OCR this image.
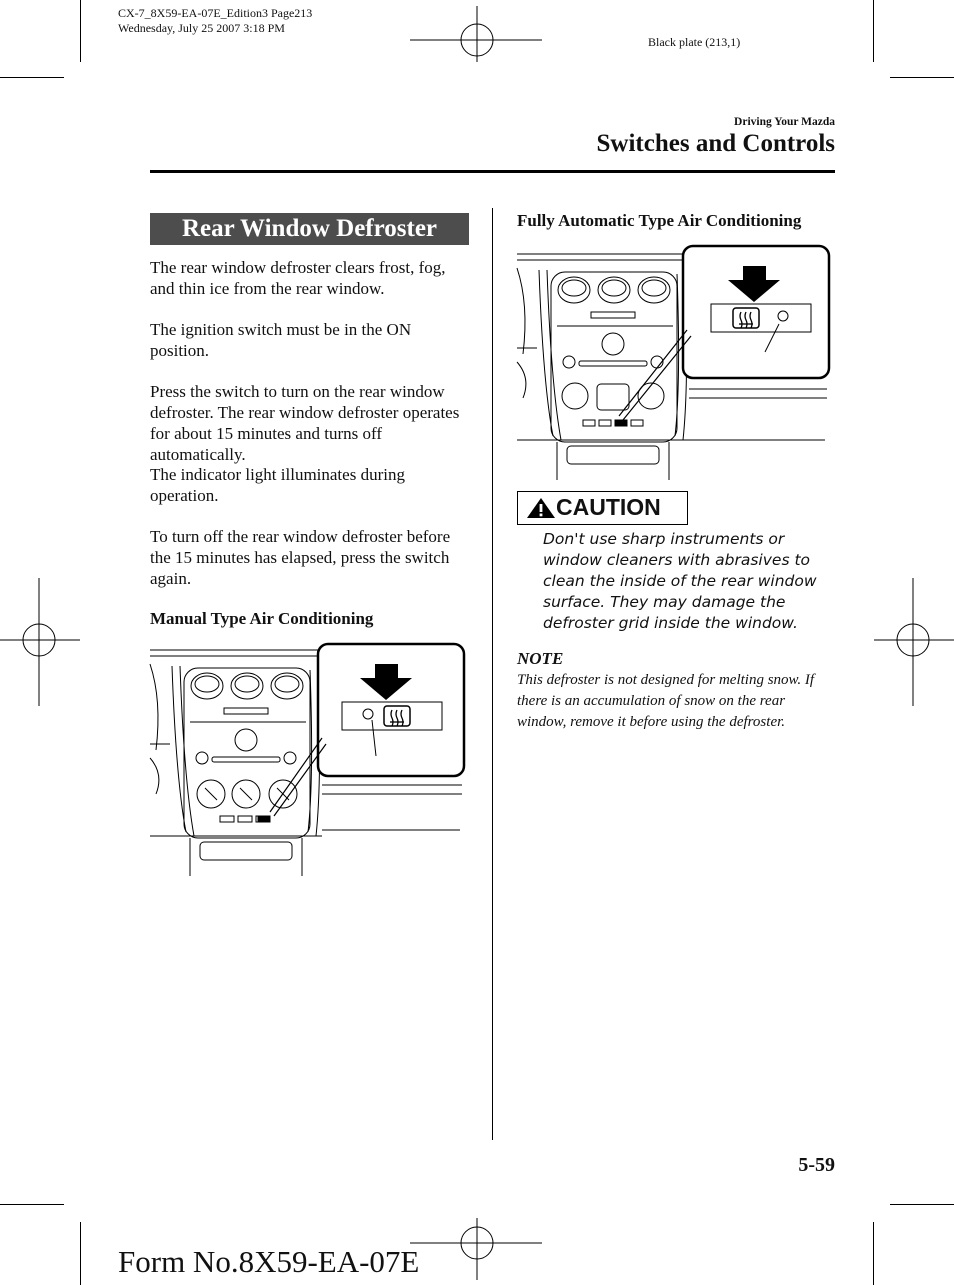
CX-7_8X59-EA-07E_Edition3 Page213
Wednesday, July 25 2007 3:18 PM
Black plate (213,1)
Driving Your Mazda
Switches and Controls
Rear Window Defroster

The rear window defroster clears frost, fog, and thin ice from the rear window.

The ignition switch must be in the ON position.

Press the switch to turn on the rear window defroster. The rear window defroster operates for about 15 minutes and turns off automatically.

The indicator light illuminates during operation.

To turn off the rear window defroster before the 15 minutes has elapsed, press the switch again.

Manual Type Air Conditioning
Fully Automatic Type Air Conditioning
CAUTION
Don't use sharp instruments or window cleaners with abrasives to clean the inside of the rear window surface. They may damage the defroster grid inside the window.
NOTE
This defroster is not designed for melting snow. If there is an accumulation of snow on the rear window, remove it before using the defroster.
5-59
Form No.8X59-EA-07E
